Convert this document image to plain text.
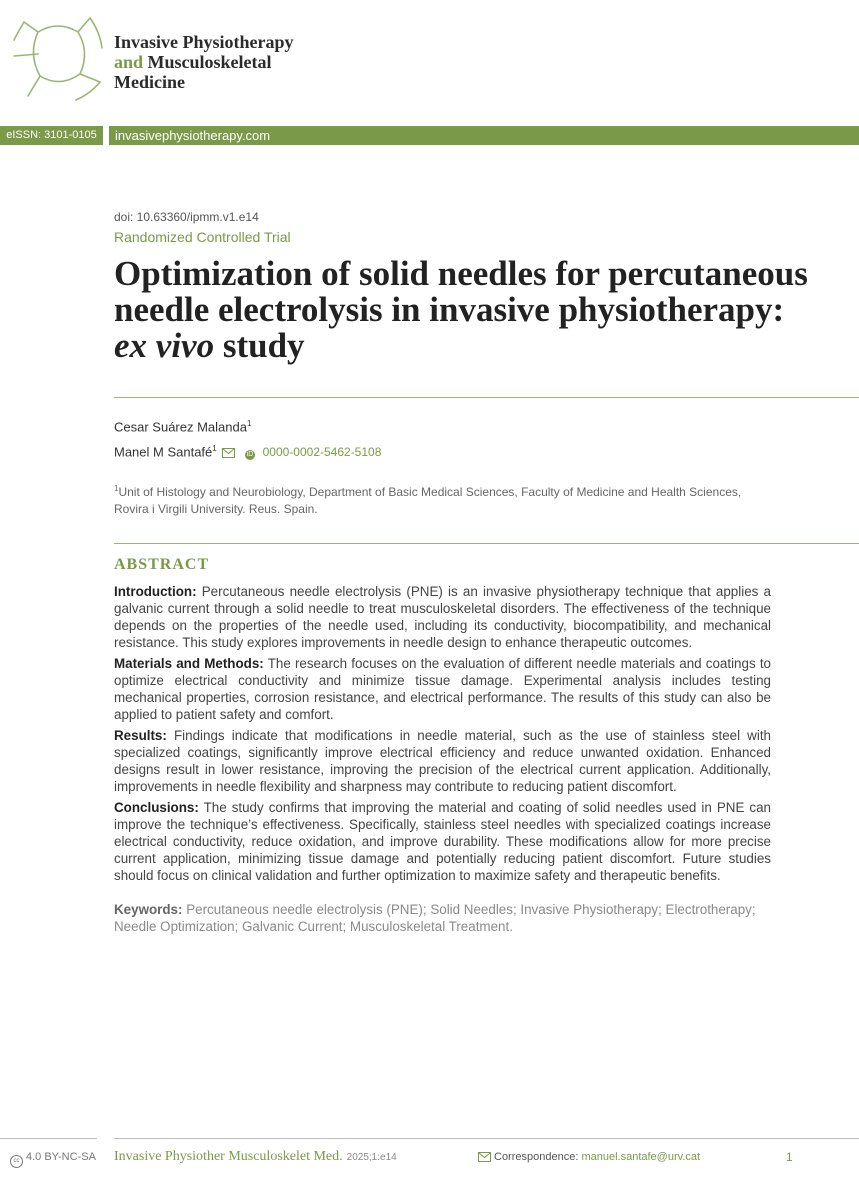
Invasive Physiotherapy
and Musculoskeletal
Medicine
eISSN: 3101-0105	invasivephysiotherapy.com
doi: 10.63360/ipmm.v1.e14
Randomized Controlled Trial
Optimization of solid needles for percutaneous needle electrolysis in invasive physiotherapy: ex vivo study
Cesar Suárez Malanda$^1$
Manel M Santafé$^1$  iD 0000-0002-5462-5108
$^1$Unit of Histology and Neurobiology, Department of Basic Medical Sciences, Faculty of Medicine and Health Sciences, Rovira i Virgili University. Reus. Spain.
ABSTRACT

Introduction: Percutaneous needle electrolysis (PNE) is an invasive physiotherapy technique that applies a galvanic current through a solid needle to treat musculoskeletal disorders. The effectiveness of the technique depends on the properties of the needle used, including its conductivity, biocompatibility, and mechanical resistance. This study explores improvements in needle design to enhance therapeutic outcomes.

Materials and Methods: The research focuses on the evaluation of different needle materials and coatings to optimize electrical conductivity and minimize tissue damage. Experimental analysis includes testing mechanical properties, corrosion resistance, and electrical performance. The results of this study can also be applied to patient safety and comfort.

Results: Findings indicate that modifications in needle material, such as the use of stainless steel with specialized coatings, significantly improve electrical efficiency and reduce unwanted oxidation. Enhanced designs result in lower resistance, improving the precision of the electrical current application. Additionally, improvements in needle flexibility and sharpness may contribute to reducing patient discomfort.

Conclusions: The study confirms that improving the material and coating of solid needles used in PNE can improve the technique’s effectiveness. Specifically, stainless steel needles with specialized coatings increase electrical conductivity, reduce oxidation, and improve durability. These modifications allow for more precise current application, minimizing tissue damage and potentially reducing patient discomfort. Future studies should focus on clinical validation and further optimization to maximize safety and therapeutic benefits.

Keywords: Percutaneous needle electrolysis (PNE); Solid Needles; Invasive Physiotherapy; Electrotherapy; Needle Optimization; Galvanic Current; Musculoskeletal Treatment.
cc 4.0 BY-NC-SA Invasive Physiother Musculoskelet Med. 2025;1:e14	Correspondence: manuel.santafe@urv.cat	1
